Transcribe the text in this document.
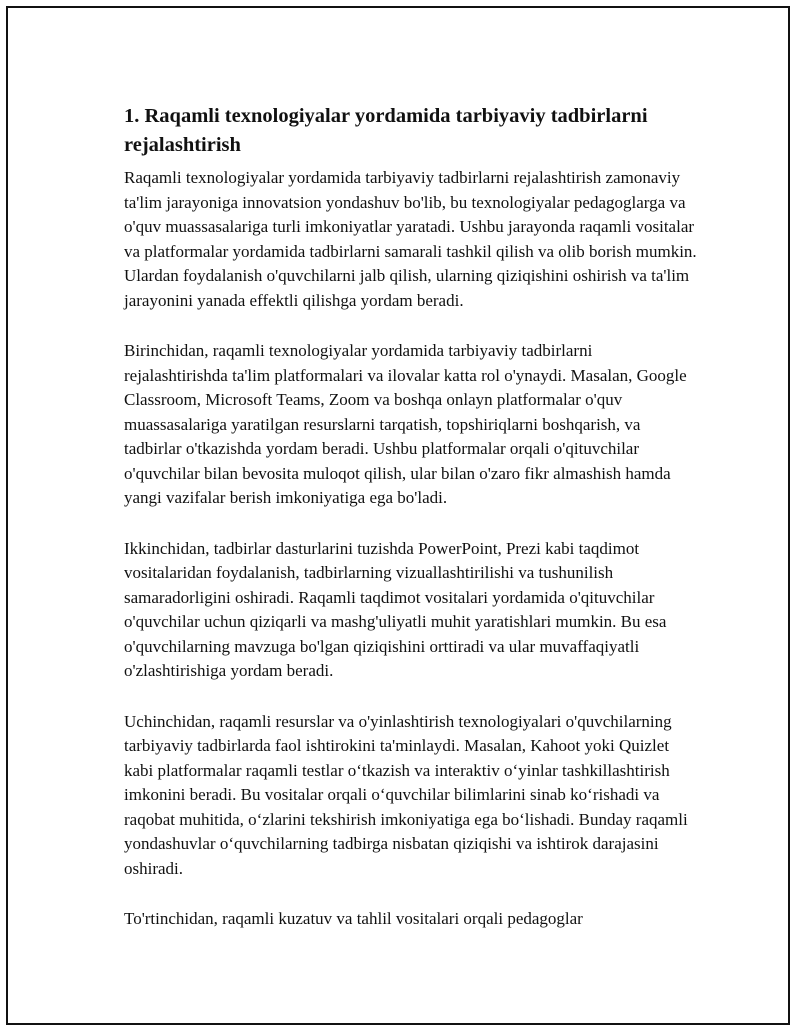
1. Raqamli texnologiyalar yordamida tarbiyaviy tadbirlarni rejalashtirish

Raqamli texnologiyalar yordamida tarbiyaviy tadbirlarni rejalashtirish zamonaviy ta'lim jarayoniga innovatsion yondashuv bo'lib, bu texnologiyalar pedagoglarga va o'quv muassasalariga turli imkoniyatlar yaratadi. Ushbu jarayonda raqamli vositalar va platformalar yordamida tadbirlarni samarali tashkil qilish va olib borish mumkin. Ulardan foydalanish o'quvchilarni jalb qilish, ularning qiziqishini oshirish va ta'lim jarayonini yanada effektli qilishga yordam beradi.

Birinchidan, raqamli texnologiyalar yordamida tarbiyaviy tadbirlarni rejalashtirishda ta'lim platformalari va ilovalar katta rol o'ynaydi. Masalan, Google Classroom, Microsoft Teams, Zoom va boshqa onlayn platformalar o'quv muassasalariga yaratilgan resurslarni tarqatish, topshiriqlarni boshqarish, va tadbirlar o'tkazishda yordam beradi. Ushbu platformalar orqali o'qituvchilar o'quvchilar bilan bevosita muloqot qilish, ular bilan o'zaro fikr almashish hamda yangi vazifalar berish imkoniyatiga ega bo'ladi.

Ikkinchidan, tadbirlar dasturlarini tuzishda PowerPoint, Prezi kabi taqdimot vositalaridan foydalanish, tadbirlarning vizuallashtirilishi va tushunilish samaradorligini oshiradi. Raqamli taqdimot vositalari yordamida o'qituvchilar o'quvchilar uchun qiziqarli va mashg'uliyatli muhit yaratishlari mumkin. Bu esa o'quvchilarning mavzuga bo'lgan qiziqishini orttiradi va ular muvaffaqiyatli o'zlashtirishiga yordam beradi.

Uchinchidan, raqamli resurslar va o'yinlashtirish texnologiyalari o'quvchilarning tarbiyaviy tadbirlarda faol ishtirokini ta'minlaydi. Masalan, Kahoot yoki Quizlet kabi platformalar raqamli testlar o‘tkazish va interaktiv o‘yinlar tashkillashtirish imkonini beradi. Bu vositalar orqali o‘quvchilar bilimlarini sinab ko‘rishadi va raqobat muhitida, o‘zlarini tekshirish imkoniyatiga ega bo‘lishadi. Bunday raqamli yondashuvlar o‘quvchilarning tadbirga nisbatan qiziqishi va ishtirok darajasini oshiradi.

To'rtinchidan, raqamli kuzatuv va tahlil vositalari orqali pedagoglar
